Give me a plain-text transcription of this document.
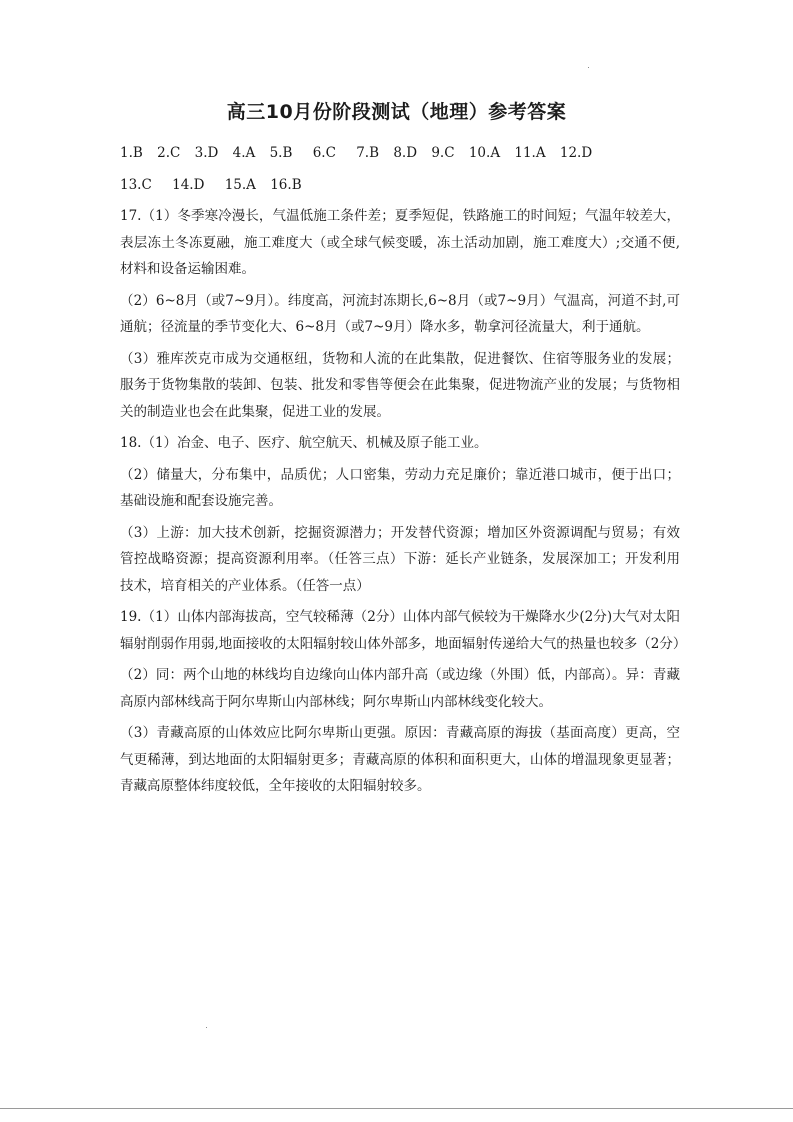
高三10月份阶段测试（地理）参考答案
1.B 2.C 3.D 4.A 5.B 6.C 7.B 8.D 9.C 10.A 11.A 12.D
13.C 14.D 15.A 16.B

17.（1）冬季寒冷漫长，气温低施工条件差；夏季短促，铁路施工的时间短；气温年较差大，表层冻土冬冻夏融，施工难度大（或全球气候变暖，冻土活动加剧，施工难度大）;交通不便,材料和设备运输困难。

（2）6~8月（或7~9月）。纬度高，河流封冻期长,6~8月（或7~9月）气温高，河道不封,可通航；径流量的季节变化大、6~8月（或7~9月）降水多，勒拿河径流量大，利于通航。

（3）雅库茨克市成为交通枢纽，货物和人流的在此集散，促进餐饮、住宿等服务业的发展；服务于货物集散的装卸、包装、批发和零售等便会在此集聚，促进物流产业的发展；与货物相关的制造业也会在此集聚，促进工业的发展。

18.（1）冶金、电子、医疗、航空航天、机械及原子能工业。

（2）储量大，分布集中，品质优；人口密集，劳动力充足廉价；靠近港口城市，便于出口；基础设施和配套设施完善。

（3）上游：加大技术创新，挖掘资源潜力；开发替代资源；增加区外资源调配与贸易；有效管控战略资源；提高资源利用率。（任答三点）下游：延长产业链条，发展深加工；开发利用技术，培育相关的产业体系。（任答一点）

19.（1）山体内部海拔高，空气较稀薄（2分）山体内部气候较为干燥降水少(2分)大气对太阳辐射削弱作用弱,地面接收的太阳辐射较山体外部多，地面辐射传递给大气的热量也较多（2分）

（2）同：两个山地的林线均自边缘向山体内部升高（或边缘（外围）低，内部高）。异：青藏高原内部林线高于阿尔卑斯山内部林线；阿尔卑斯山内部林线变化较大。

（3）青藏高原的山体效应比阿尔卑斯山更强。原因：青藏高原的海拔（基面高度）更高，空气更稀薄，到达地面的太阳辐射更多；青藏高原的体积和面积更大，山体的增温现象更显著；青藏高原整体纬度较低，全年接收的太阳辐射较多。
